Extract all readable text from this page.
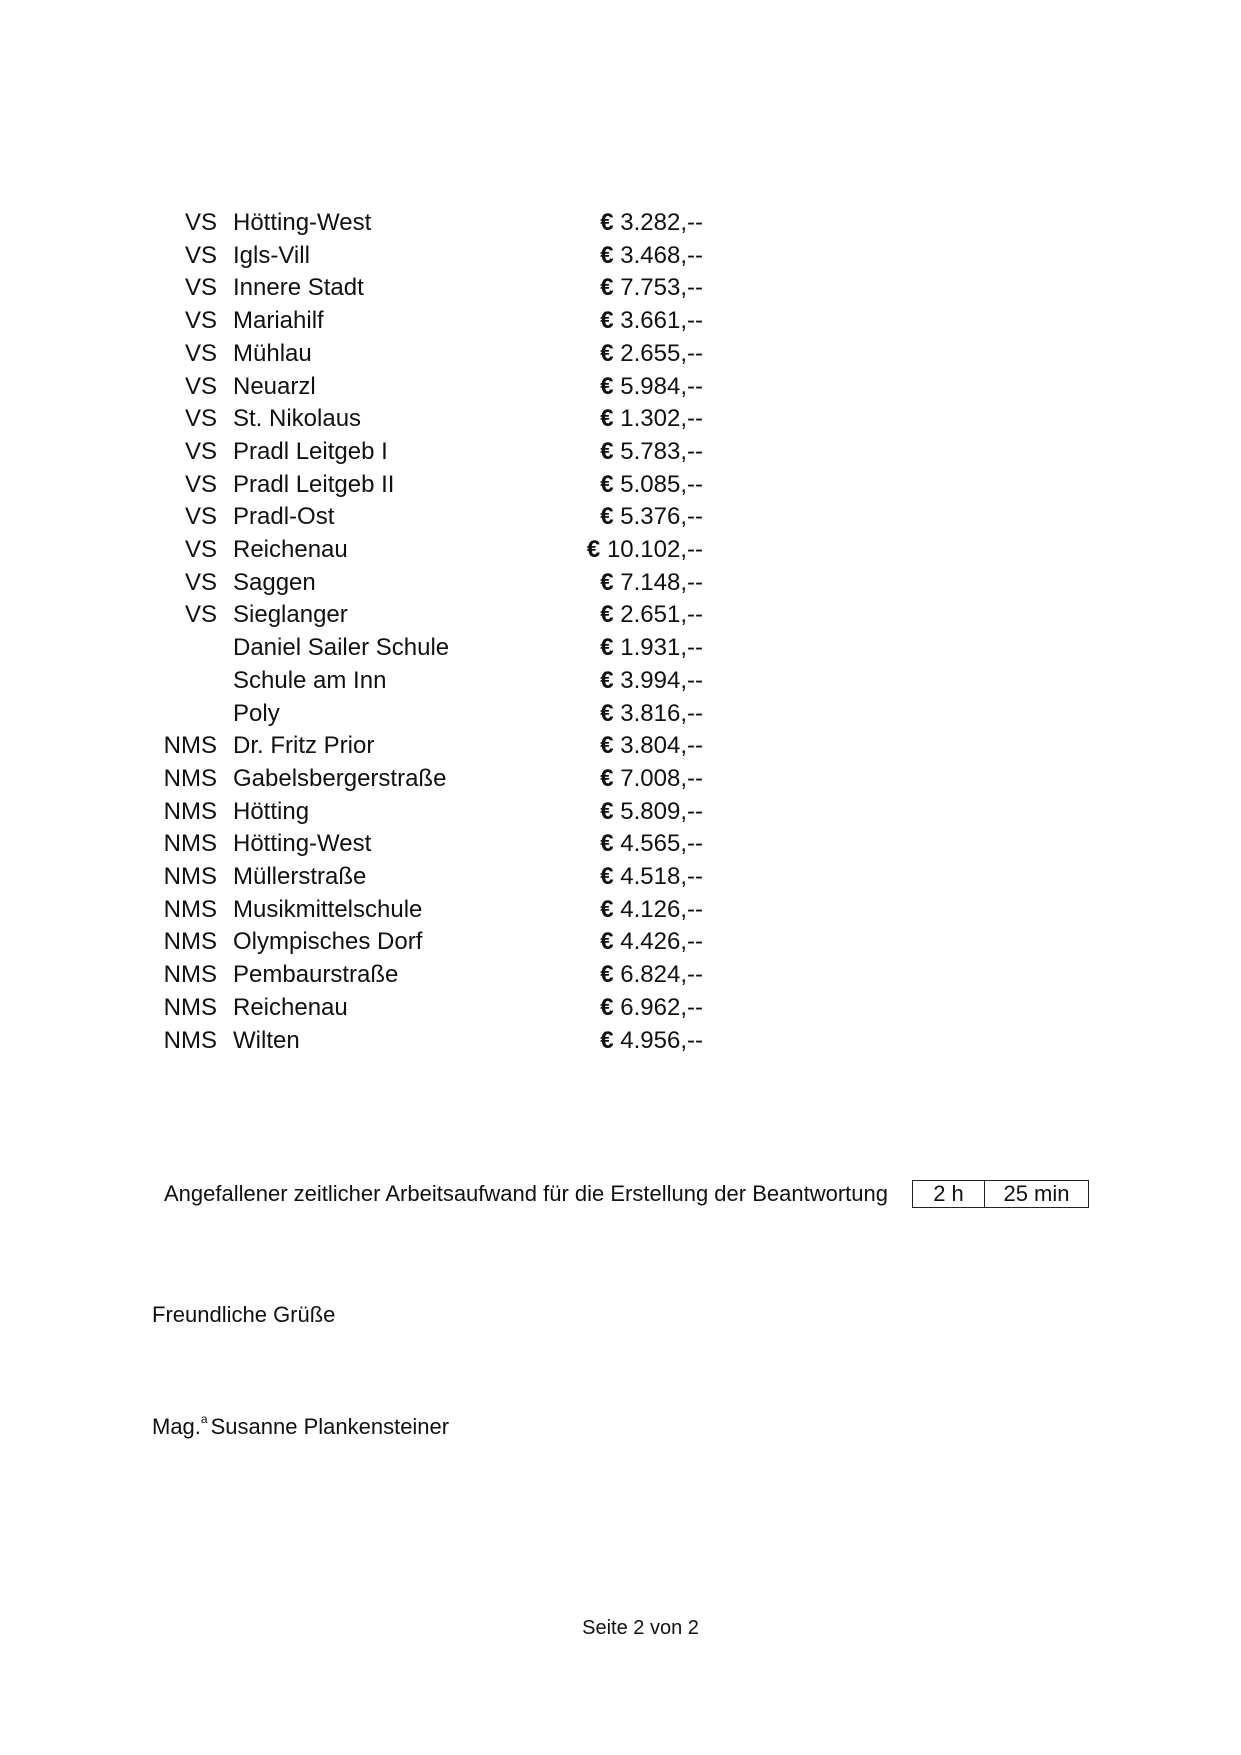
VS	Hötting-West	€ 3.282,--
VS	Igls-Vill	€ 3.468,--
VS	Innere Stadt	€ 7.753,--
VS	Mariahilf	€ 3.661,--
VS	Mühlau	€ 2.655,--
VS	Neuarzl	€ 5.984,--
VS	St. Nikolaus	€ 1.302,--
VS	Pradl Leitgeb I	€ 5.783,--
VS	Pradl Leitgeb II	€ 5.085,--
VS	Pradl-Ost	€ 5.376,--
VS	Reichenau	€ 10.102,--
VS	Saggen	€ 7.148,--
VS	Sieglanger	€ 2.651,--
	Daniel Sailer Schule	€ 1.931,--
	Schule am Inn	€ 3.994,--
	Poly	€ 3.816,--
NMS	Dr. Fritz Prior	€ 3.804,--
NMS	Gabelsbergerstraße	€ 7.008,--
NMS	Hötting	€ 5.809,--
NMS	Hötting-West	€ 4.565,--
NMS	Müllerstraße	€ 4.518,--
NMS	Musikmittelschule	€ 4.126,--
NMS	Olympisches Dorf	€ 4.426,--
NMS	Pembaurstraße	€ 6.824,--
NMS	Reichenau	€ 6.962,--
NMS	Wilten	€ 4.956,--
Angefallener zeitlicher Arbeitsaufwand für die Erstellung der Beantwortung	2 h	25 min
Freundliche Grüße
Mag.$^a$ Susanne Plankensteiner
Seite 2 von 2
